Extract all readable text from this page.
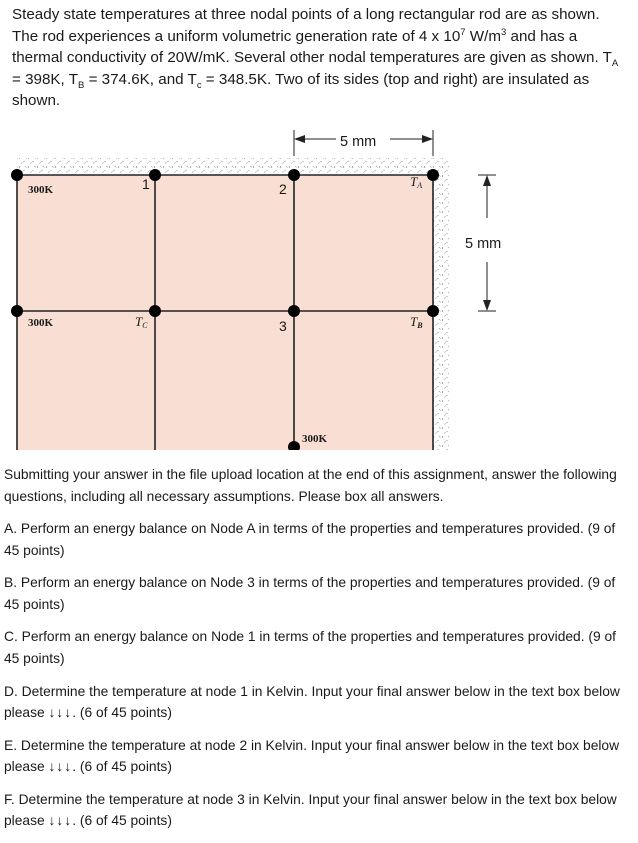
Steady state temperatures at three nodal points of a long rectangular rod are as shown. The rod experiences a uniform volumetric generation rate of 4 x $10^7$ $W/m^3$ and has a thermal conductivity of 20W/mK. Several other nodal temperatures are given as shown. $T_A = 398K$, $T_B = 374.6K$, and $T_c = 348.5K$. Two of its sides (top and right) are insulated as shown.
300K
300K
300K
1	2
3
TA
TB
TC
5 mm
5 mm

Submitting your answer in the file upload location at the end of this assignment, answer the following questions, including all necessary assumptions. Please box all answers.

A. Perform an energy balance on Node A in terms of the properties and temperatures provided. (9 of 45 points)

B. Perform an energy balance on Node 3 in terms of the properties and temperatures provided. (9 of 45 points)

C. Perform an energy balance on Node 1 in terms of the properties and temperatures provided. (9 of 45 points)

D. Determine the temperature at node 1 in Kelvin. Input your final answer below in the text box below please ↓↓↓. (6 of 45 points)

E. Determine the temperature at node 2 in Kelvin. Input your final answer below in the text box below please ↓↓↓. (6 of 45 points)

F. Determine the temperature at node 3 in Kelvin. Input your final answer below in the text box below please ↓↓↓. (6 of 45 points)
